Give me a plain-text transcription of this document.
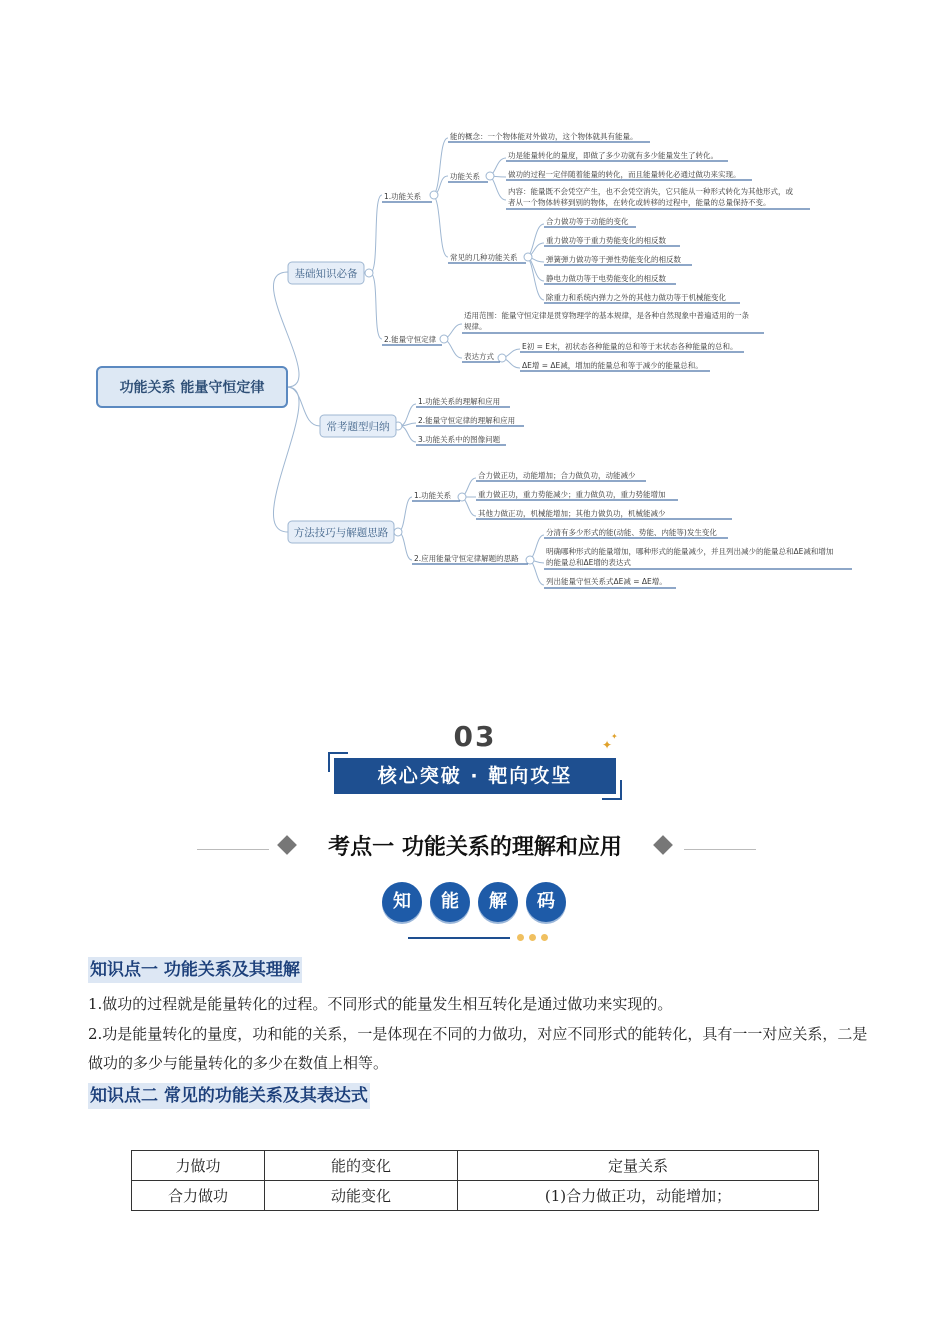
功能关系 能量守恒定律
基础知识必备
常考题型归纳
方法技巧与解题思路
1.功能关系
能的概念：一个物体能对外做功，这个物体就具有能量。
功能关系
功是能量转化的量度，即做了多少功就有多少能量发生了转化。
做功的过程一定伴随着能量的转化，而且能量转化必通过做功来实现。
内容：能量既不会凭空产生，也不会凭空消失，它只能从一种形式转化为其他形式，或
者从一个物体转移到别的物体，在转化或转移的过程中，能量的总量保持不变。
常见的几种功能关系
合力做功等于动能的变化
重力做功等于重力势能变化的相反数
弹簧弹力做功等于弹性势能变化的相反数
静电力做功等于电势能变化的相反数
除重力和系统内弹力之外的其他力做功等于机械能变化
2.能量守恒定律
适用范围：能量守恒定律是贯穿物理学的基本规律，是各种自然现象中普遍适用的一条
规律。
表达方式
E初 = E末，初状态各种能量的总和等于末状态各种能量的总和。
ΔE增 = ΔE减，增加的能量总和等于减少的能量总和。
1.功能关系的理解和应用
2.能量守恒定律的理解和应用
3.功能关系中的图像问题
1.功能关系
合力做正功，动能增加；合力做负功，动能减少
重力做正功，重力势能减少；重力做负功，重力势能增加
其他力做正功，机械能增加；其他力做负功，机械能减少
2.应用能量守恒定律解题的思路
分清有多少形式的能(动能、势能、内能等)发生变化
明确哪种形式的能量增加，哪种形式的能量减少，并且列出减少的能量总和ΔE减和增加
的能量总和ΔE增的表达式
列出能量守恒关系式ΔE减 = ΔE增。
03	✦
✦
核心突破 · 靶向攻坚
考点一 功能关系的理解和应用
知	能	解	码
知识点一 功能关系及其理解
1.做功的过程就是能量转化的过程。不同形式的能量发生相互转化是通过做功来实现的。
2.功是能量转化的量度，功和能的关系，一是体现在不同的力做功，对应不同形式的能转化，具有一一对应关系，二是做功的多少与能量转化的多少在数值上相等。
知识点二 常见的功能关系及其表达式
力做功	能的变化	定量关系
合力做功	动能变化	(1)合力做正功，动能增加；
